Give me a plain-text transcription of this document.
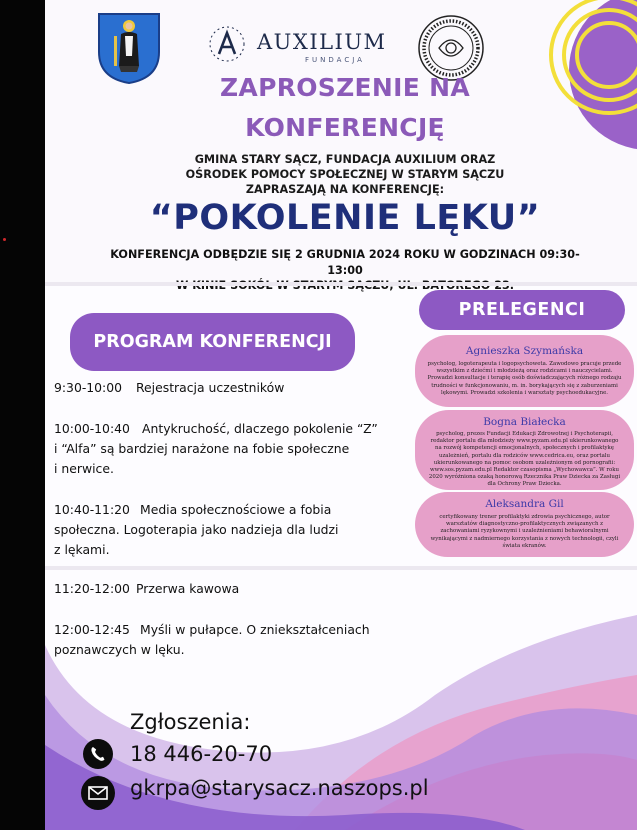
AUXILIUM
FUNDACJA
ZAPROSZENIE NA
KONFERENCJĘ
GMINA STARY SĄCZ, FUNDACJA AUXILIUM ORAZ
OŚRODEK POMOCY SPOŁECZNEJ W STARYM SĄCZU
ZAPRASZAJĄ NA KONFERENCJĘ:
“POKOLENIE LĘKU”
KONFERENCJA ODBĘDZIE SIĘ 2 GRUDNIA 2024 ROKU W GODZINACH 09:30-13:00
PROGRAM KONFERENCJI
PRELEGENCI
9:30-10:00 Rejestracja uczestników
10:00-10:40 Antykruchość, dlaczego pokolenie “Z”
i “Alfa” są bardziej narażone na fobie społeczne
i nerwice.
10:40-11:20 Media społecznościowe a fobia
społeczna. Logoterapia jako nadzieja dla ludzi
z lękami.
11:20-12:00 Przerwa kawowa
12:00-12:45 Myśli w pułapce. O zniekształceniach
poznawczych w lęku.
Agnieszka Szymańska
psycholog, logoterapeuta i logopsychoweta. Zawodowo pracuje przede wszystkim z dziećmi i młodzieżą oraz rodzicami i nauczycielami. Prowadzi konsultacje i terapię osób doświadczających różnego rodzaju trudności w funkcjonowaniu, m. in. borykających się z zaburzeniami lękowymi. Prowadzi szkolenia i warsztaty psychoedukacyjne.
Bogna Białecka
psycholog, prezes Fundacji Edukacji Zdrowotnej i Psychoterapii, redaktor portalu dla młodzieży www.pyzam.edu.pl ukierunkowanego na rozwój kompetencji emocjonalnych, społecznych i profilaktykę uzależnień, portalu dla rodziców www.cedrica.eu, oraz portalu ukierunkowanego na pomoc osobom uzależnionym od pornografii: www.sos.pyzam.edu.pl Redaktor czasopisma „Wychowawca”. W roku 2020 wyróżniona ozaką honorową Rzecznika Praw Dziecka za Zasługi dla Ochrony Praw Dziecka.
Aleksandra Gil
certyfikowany trener profilaktyki zdrowia psychicznego, autor warsztatów diagnostyczno-profilaktycznych związanych z zachowaniami ryzykownymi i uzależnieniami behawioralnymi wynikającymi z nadmiernego korzystania z nowych technologii, czyli świata ekranów.
Zgłoszenia:
18 446-20-70
gkrpa@starysacz.naszops.pl
